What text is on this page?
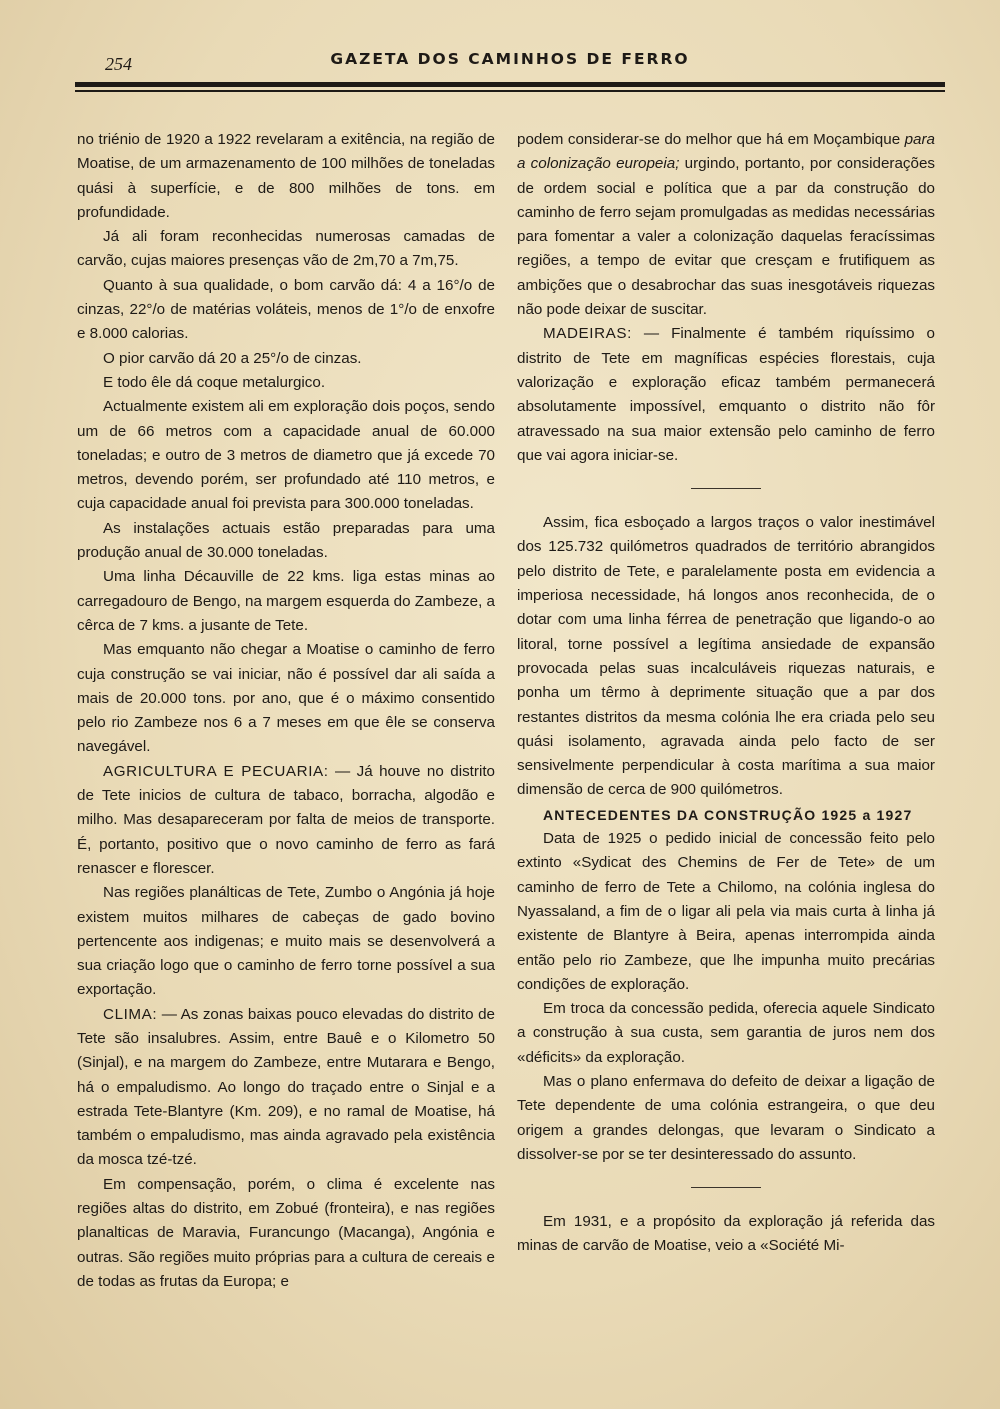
254	GAZETA DOS CAMINHOS DE FERRO

no triénio de 1920 a 1922 revelaram a exitência, na região de Moatise, de um armazenamento de 100 milhões de toneladas quási à superfície, e de 800 milhões de tons. em profundidade.

Já ali foram reconhecidas numerosas camadas de carvão, cujas maiores presenças vão de 2m,70 a 7m,75.

Quanto à sua qualidade, o bom carvão dá: 4 a 16°/o de cinzas, 22°/o de matérias voláteis, menos de 1°/o de enxofre e 8.000 calorias.

O pior carvão dá 20 a 25°/o de cinzas.

E todo êle dá coque metalurgico.

Actualmente existem ali em exploração dois poços, sendo um de 66 metros com a capacidade anual de 60.000 toneladas; e outro de 3 metros de diametro que já excede 70 metros, devendo porém, ser profundado até 110 metros, e cuja capacidade anual foi prevista para 300.000 toneladas.

As instalações actuais estão preparadas para uma produção anual de 30.000 toneladas.

Uma linha Décauville de 22 kms. liga estas minas ao carregadouro de Bengo, na margem esquerda do Zambeze, a cêrca de 7 kms. a jusante de Tete.

Mas emquanto não chegar a Moatise o caminho de ferro cuja construção se vai iniciar, não é possível dar ali saída a mais de 20.000 tons. por ano, que é o máximo consentido pelo rio Zambeze nos 6 a 7 meses em que êle se conserva navegável.

AGRICULTURA E PECUARIA: — Já houve no distrito de Tete inicios de cultura de tabaco, borracha, algodão e milho. Mas desapareceram por falta de meios de transporte. É, portanto, positivo que o novo caminho de ferro as fará renascer e florescer.

Nas regiões planálticas de Tete, Zumbo o Angónia já hoje existem muitos milhares de cabeças de gado bovino pertencente aos indigenas; e muito mais se desenvolverá a sua criação logo que o caminho de ferro torne possível a sua exportação.

CLIMA: — As zonas baixas pouco elevadas do distrito de Tete são insalubres. Assim, entre Bauê e o Kilometro 50 (Sinjal), e na margem do Zambeze, entre Mutarara e Bengo, há o empaludismo. Ao longo do traçado entre o Sinjal e a estrada Tete-Blantyre (Km. 209), e no ramal de Moatise, há também o empaludismo, mas ainda agravado pela existência da mosca tzé-tzé.

Em compensação, porém, o clima é excelente nas regiões altas do distrito, em Zobué (fronteira), e nas regiões planalticas de Maravia, Furancungo (Macanga), Angónia e outras. São regiões muito próprias para a cultura de cereais e de todas as frutas da Europa; e

podem considerar-se do melhor que há em Moçambique para a colonização europeia; urgindo, portanto, por considerações de ordem social e política que a par da construção do caminho de ferro sejam promulgadas as medidas necessárias para fomentar a valer a colonização daquelas feracíssimas regiões, a tempo de evitar que cresçam e frutifiquem as ambições que o desabrochar das suas inesgotáveis riquezas não pode deixar de suscitar.

MADEIRAS: — Finalmente é também riquíssimo o distrito de Tete em magníficas espécies florestais, cuja valorização e exploração eficaz também permanecerá absolutamente impossível, emquanto o distrito não fôr atravessado na sua maior extensão pelo caminho de ferro que vai agora iniciar-se.

Assim, fica esboçado a largos traços o valor inestimável dos 125.732 quilómetros quadrados de território abrangidos pelo distrito de Tete, e paralelamente posta em evidencia a imperiosa necessidade, há longos anos reconhecida, de o dotar com uma linha férrea de penetração que ligando-o ao litoral, torne possível a legítima ansiedade de expansão provocada pelas suas incalculáveis riquezas naturais, e ponha um têrmo à deprimente situação que a par dos restantes distritos da mesma colónia lhe era criada pelo seu quási isolamento, agravada ainda pelo facto de ser sensivelmente perpendicular à costa marítima a sua maior dimensão de cerca de 900 quilómetros.

ANTECEDENTES DA CONSTRUÇÃO 1925 a 1927

Data de 1925 o pedido inicial de concessão feito pelo extinto «Sydicat des Chemins de Fer de Tete» de um caminho de ferro de Tete a Chilomo, na colónia inglesa do Nyassaland, a fim de o ligar ali pela via mais curta à linha já existente de Blantyre à Beira, apenas interrompida ainda então pelo rio Zambeze, que lhe impunha muito precárias condições de exploração.

Em troca da concessão pedida, oferecia aquele Sindicato a construção à sua custa, sem garantia de juros nem dos «déficits» da exploração.

Mas o plano enfermava do defeito de deixar a ligação de Tete dependente de uma colónia estrangeira, o que deu origem a grandes delongas, que levaram o Sindicato a dissolver-se por se ter desinteressado do assunto.

Em 1931, e a propósito da exploração já referida das minas de carvão de Moatise, veio a «Société Mi-
